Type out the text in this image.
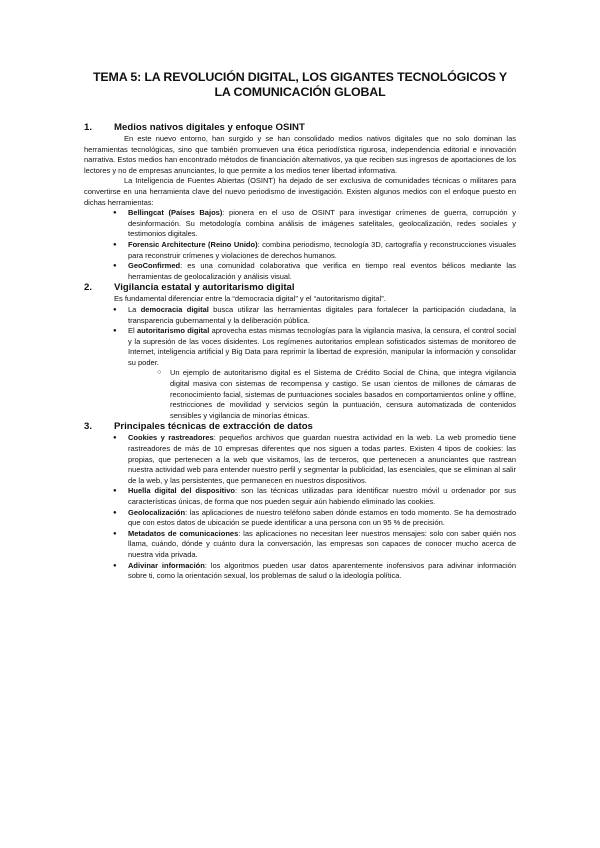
TEMA 5: LA REVOLUCIÓN DIGITAL, LOS GIGANTES TECNOLÓGICOS Y LA COMUNICACIÓN GLOBAL
1.	Medios nativos digitales y enfoque OSINT

En este nuevo entorno, han surgido y se han consolidado medios nativos digitales que no solo dominan las herramientas tecnológicas, sino que también promueven una ética periodística rigurosa, independencia editorial e innovación narrativa. Estos medios han encontrado métodos de financiación alternativos, ya que reciben sus ingresos de aportaciones de los lectores y no de empresas anunciantes, lo que permite a los medios tener libertad informativa.

La Inteligencia de Fuentes Abiertas (OSINT) ha dejado de ser exclusiva de comunidades técnicas o militares para convertirse en una herramienta clave del nuevo periodismo de investigación. Existen algunos medios con el enfoque puesto en dichas herramientas:

● Bellingcat (Países Bajos): pionera en el uso de OSINT para investigar crímenes de guerra, corrupción y desinformación. Su metodología combina análisis de imágenes satelitales, geolocalización, redes sociales y testimonios digitales.
● Forensic Architecture (Reino Unido): combina periodismo, tecnología 3D, cartografía y reconstrucciones visuales para reconstruir crímenes y violaciones de derechos humanos.
● GeoConfirmed: es una comunidad colaborativa que verifica en tiempo real eventos bélicos mediante las herramientas de geolocalización y análisis visual.
2.	Vigilancia estatal y autoritarismo digital

Es fundamental diferenciar entre la “democracia digital” y el “autoritarismo digital”.

● La democracia digital busca utilizar las herramientas digitales para fortalecer la participación ciudadana, la transparencia gubernamental y la deliberación pública.
● El autoritarismo digital aprovecha estas mismas tecnologías para la vigilancia masiva, la censura, el control social y la supresión de las voces disidentes. Los regímenes autoritarios emplean sofisticados sistemas de monitoreo de Internet, inteligencia artificial y Big Data para reprimir la libertad de expresión, manipular la información y consolidar su poder.
○ Un ejemplo de autoritarismo digital es el Sistema de Crédito Social de China, que integra vigilancia digital masiva con sistemas de recompensa y castigo. Se usan cientos de millones de cámaras de reconocimiento facial, sistemas de puntuaciones sociales basados en comportamientos online y offline, restricciones de movilidad y servicios según la puntuación, censura automatizada de contenidos sensibles y vigilancia de minorías étnicas.
3.	Principales técnicas de extracción de datos
● Cookies y rastreadores: pequeños archivos que guardan nuestra actividad en la web. La web promedio tiene rastreadores de más de 10 empresas diferentes que nos siguen a todas partes. Existen 4 tipos de cookies: las propias, que pertenecen a la web que visitamos, las de terceros, que pertenecen a anunciantes que rastrean nuestra actividad web para entender nuestro perfil y segmentar la publicidad, las esenciales, que se eliminan al salir de la web, y las persistentes, que permanecen en nuestros dispositivos.
● Huella digital del dispositivo: son las técnicas utilizadas para identificar nuestro móvil u ordenador por sus características únicas, de forma que nos pueden seguir aún habiendo eliminado las cookies.
● Geolocalización: las aplicaciones de nuestro teléfono saben dónde estamos en todo momento. Se ha demostrado que con estos datos de ubicación se puede identificar a una persona con un 95 % de precisión.
● Metadatos de comunicaciones: las aplicaciones no necesitan leer nuestros mensajes: solo con saber quién nos llama, cuándo, dónde y cuánto dura la conversación, las empresas son capaces de conocer mucho acerca de nuestra vida privada.
● Adivinar información: los algoritmos pueden usar datos aparentemente inofensivos para adivinar información sobre ti, como la orientación sexual, los problemas de salud o la ideología política.
